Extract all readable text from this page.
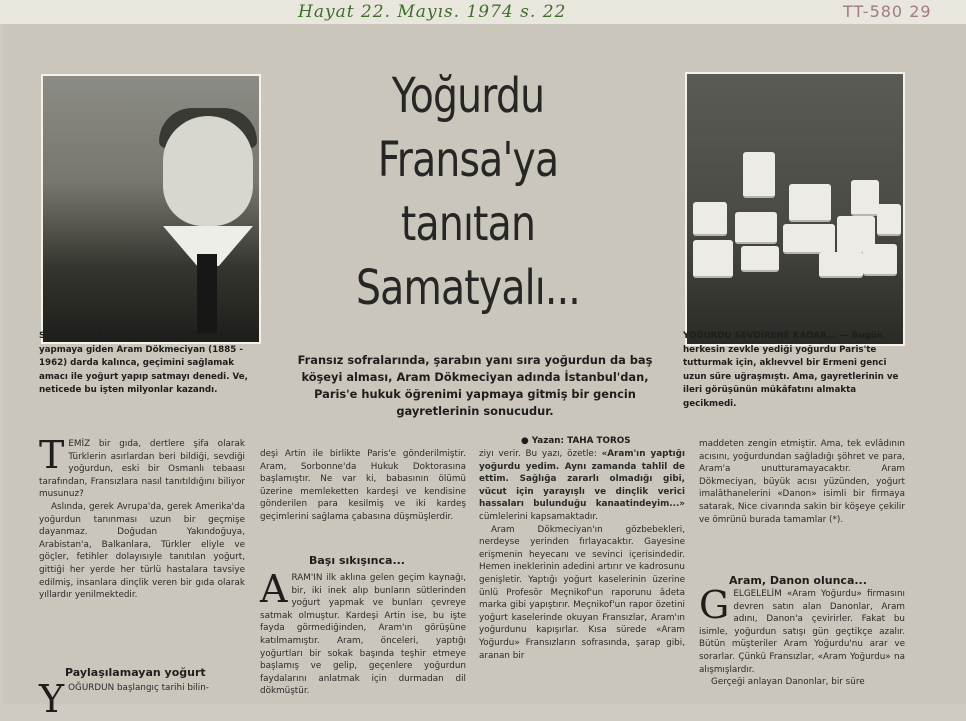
Hayat 22. Mayıs. 1974 s. 22	TT-580 29
Yoğurdu Fransa'ya tanıtan Samatyalı...

SAMATYALI ARAM — Paris'e, hukuk doktorası yapmaya giden Aram Dökmeciyan (1885 - 1962) darda kalınca, geçimini sağlamak amacı ile yoğurt yapıp satmayı denedi. Ve, neticede bu işten milyonlar kazandı.

YOĞURDU SEVDİRENE KADAR... — Bugün herkesin zevkle yediği yoğurdu Paris'te tutturmak için, aklıevvel bir Ermeni genci uzun süre uğraşmıştı. Ama, gayretlerinin ve ileri görüşünün mükâfatını almakta gecikmedi.

Fransız sofralarında, şarabın yanı sıra yoğurdun da baş köşeyi alması, Aram Dökmeciyan adında İstanbul'dan, Paris'e hukuk öğrenimi yapmaya gitmiş bir gencin gayretlerinin sonucudur.

● Yazan: TAHA TOROS
TEMİZ bir gıda, dertlere şifa olarak Türklerin asırlardan beri bildiği, sevdiği yoğurdun, eski bir Osmanlı tebaası tarafından, Fransızlara nasıl tanıtıldığını biliyor musunuz?
Aslında, gerek Avrupa'da, gerek Amerika'da yoğurdun tanınması uzun bir geçmişe dayanmaz. Doğudan Yakındoğuya, Arabistan'a, Balkanlara, Türkler eliyle ve göçler, fetihler dolayısıyle tanıtılan yoğurt, gittiği her yerde her türlü hastalara tavsiye edilmiş, insanlara dinçlik veren bir gıda olarak yıllardır yenilmektedir.
Paylaşılamayan yoğurt
YOĞURDUN başlangıç tarihi bilin-
deşi Artin ile birlikte Paris'e gönderilmiştir. Aram, Sorbonne'da Hukuk Doktorasına başlamıştır. Ne var ki, babasının ölümü üzerine memleketten kardeşi ve kendisine gönderilen para kesilmiş ve iki kardeş geçimlerini sağlama çabasına düşmüşlerdir.
Başı sıkışınca...
ARAM'IN ilk aklına gelen geçim kaynağı, bir, iki inek alıp bunların sütlerinden yoğurt yapmak ve bunları çevreye satmak olmuştur. Kardeşi Artin ise, bu işte fayda görmediğinden, Aram'ın görüşüne katılmamıştır. Aram, önceleri, yaptığı yoğurtları bir sokak başında teşhir etmeye başlamış ve gelip, geçenlere yoğurdun faydalarını anlatmak için durmadan dil dökmüştür.
ziyı verir. Bu yazı, özetle: «Aram'ın yaptığı yoğurdu yedim. Aynı zamanda tahlil de ettim. Sağlığa zararlı olmadığı gibi, vücut için yarayışlı ve dinçlik verici hassaları bulunduğu kanaatindeyim...» cümlelerini kapsamaktadır.
Aram Dökmeciyan'ın gözbebekleri, nerdeyse yerinden fırlayacaktır. Gayesine erişmenin heyecanı ve sevinci içerisindedir. Hemen ineklerinin adedini artırır ve kadrosunu genişletir. Yaptığı yoğurt kaselerinin üzerine ünlü Profesör Meçnikof'un raporunu âdeta marka gibi yapıştırır. Meçnikof'un rapor özetini yoğurt kaselerinde okuyan Fransızlar, Aram'ın yoğurdunu kapışırlar. Kısa sürede «Aram Yoğurdu» Fransızların sofrasında, şarap gibi, aranan bir
maddeten zengin etmiştir. Ama, tek evlâdının acısını, yoğurdundan sağladığı şöhret ve para, Aram'a unutturamayacaktır. Aram Dökmeciyan, büyük acısı yüzünden, yoğurt imalâthanelerini «Danon» isimli bir firmaya satarak, Nice civarında sakin bir köşeye çekilir ve ömrünü burada tamamlar (*).
Aram, Danon olunca...
GELGELELİM «Aram Yoğurdu» firmasını devren satın alan Danonlar, Aram adını, Danon'a çevirirler. Fakat bu isimle, yoğurdun satışı gün geçtikçe azalır. Bütün müşteriler Aram Yoğurdu'nu arar ve sorarlar. Çünkü Fransızlar, «Aram Yoğurdu» na alışmışlardır.
Gerçeği anlayan Danonlar, bir süre
